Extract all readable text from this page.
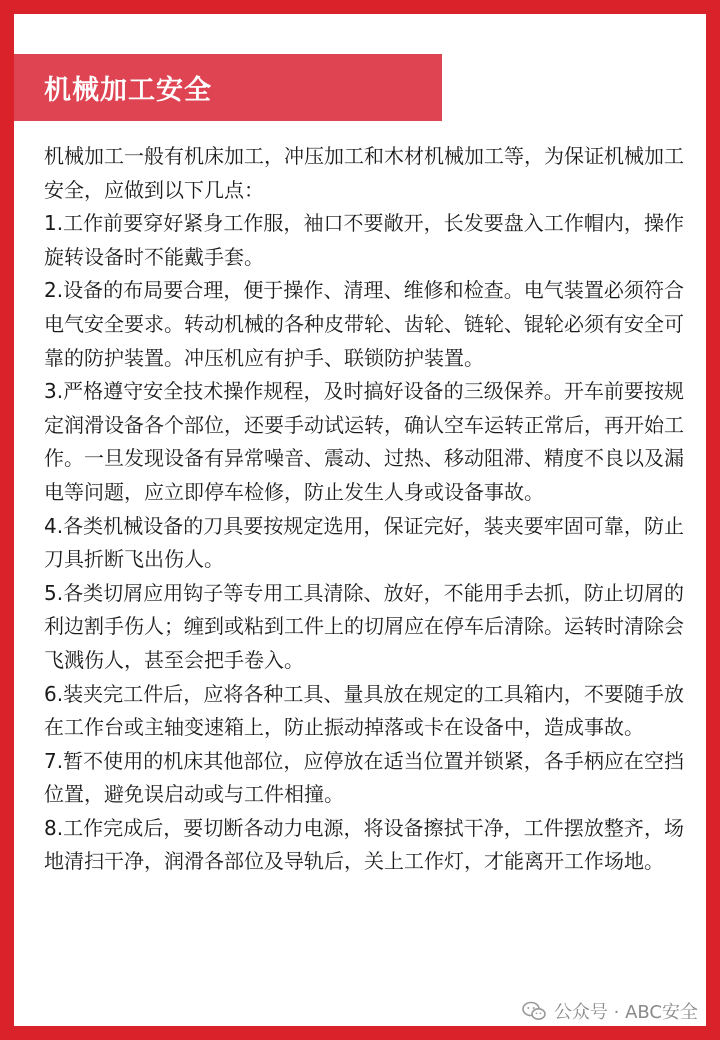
机械加工安全

机械加工一般有机床加工，冲压加工和木材机械加工等，为保证机械加工安全，应做到以下几点：

1.工作前要穿好紧身工作服，袖口不要敞开，长发要盘入工作帽内，操作旋转设备时不能戴手套。

2.设备的布局要合理，便于操作、清理、维修和检查。电气装置必须符合电气安全要求。转动机械的各种皮带轮、齿轮、链轮、锟轮必须有安全可靠的防护装置。冲压机应有护手、联锁防护装置。

3.严格遵守安全技术操作规程，及时搞好设备的三级保养。开车前要按规定润滑设备各个部位，还要手动试运转，确认空车运转正常后，再开始工作。一旦发现设备有异常噪音、震动、过热、移动阻滞、精度不良以及漏电等问题，应立即停车检修，防止发生人身或设备事故。

4.各类机械设备的刀具要按规定选用，保证完好，装夹要牢固可靠，防止刀具折断飞出伤人。

5.各类切屑应用钩子等专用工具清除、放好，不能用手去抓，防止切屑的利边割手伤人；缠到或粘到工件上的切屑应在停车后清除。运转时清除会飞溅伤人，甚至会把手卷入。

6.装夹完工件后，应将各种工具、量具放在规定的工具箱内，不要随手放在工作台或主轴变速箱上，防止振动掉落或卡在设备中，造成事故。

7.暂不使用的机床其他部位，应停放在适当位置并锁紧，各手柄应在空挡位置，避免误启动或与工件相撞。

8.工作完成后，要切断各动力电源，将设备擦拭干净，工件摆放整齐，场地清扫干净，润滑各部位及导轨后，关上工作灯，才能离开工作场地。

公众号 · ABC安全
